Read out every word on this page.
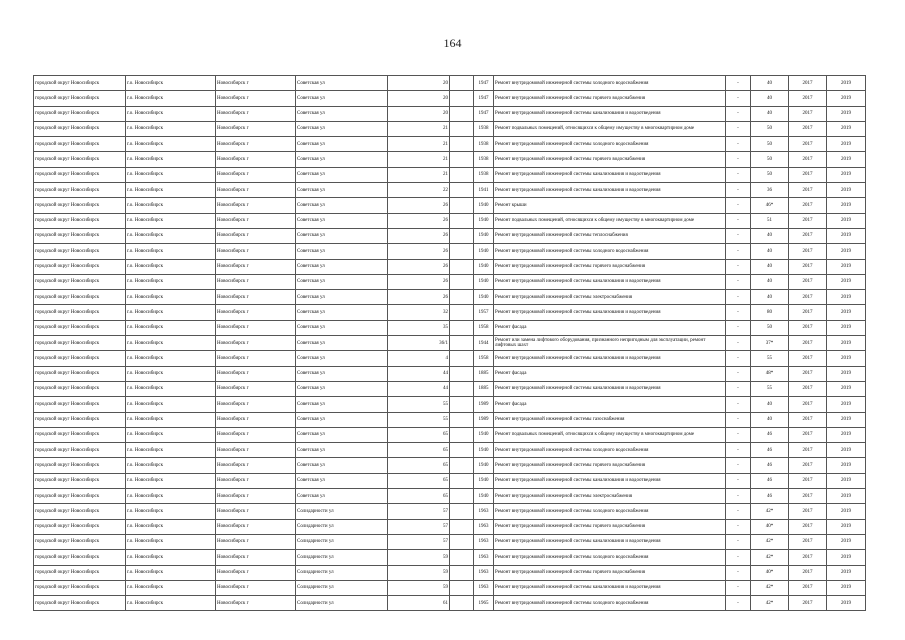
164
городской округ Новосибирск	г.о. Новосибирск	Новосибирск г	Советская ул	20		1947	Ремонт внутридомовой инженерной системы холодного водоснабжения	-	40	2017	2019
городской округ Новосибирск	г.о. Новосибирск	Новосибирск г	Советская ул	20		1947	Ремонт внутридомовой инженерной системы горячего водоснабжения	-	40	2017	2019
городской округ Новосибирск	г.о. Новосибирск	Новосибирск г	Советская ул	20		1947	Ремонт внутридомовой инженерной системы канализования и водоотведения	-	40	2017	2019
городской округ Новосибирск	г.о. Новосибирск	Новосибирск г	Советская ул	21		1938	Ремонт подвальных помещений, относящихся к общему имуществу в многоквартирном доме	-	50	2017	2019
городской округ Новосибирск	г.о. Новосибирск	Новосибирск г	Советская ул	21		1938	Ремонт внутридомовой инженерной системы холодного водоснабжения	-	50	2017	2019
городской округ Новосибирск	г.о. Новосибирск	Новосибирск г	Советская ул	21		1938	Ремонт внутридомовой инженерной системы горячего водоснабжения	-	50	2017	2019
городской округ Новосибирск	г.о. Новосибирск	Новосибирск г	Советская ул	21		1938	Ремонт внутридомовой инженерной системы канализования и водоотведения	-	50	2017	2019
городской округ Новосибирск	г.о. Новосибирск	Новосибирск г	Советская ул	22		1941	Ремонт внутридомовой инженерной системы канализования и водоотведения	-	36	2017	2019
городской округ Новосибирск	г.о. Новосибирск	Новосибирск г	Советская ул	26		1940	Ремонт крыши	-	46*	2017	2019
городской округ Новосибирск	г.о. Новосибирск	Новосибирск г	Советская ул	26		1940	Ремонт подвальных помещений, относящихся к общему имуществу в многоквартирном доме	-	51	2017	2019
городской округ Новосибирск	г.о. Новосибирск	Новосибирск г	Советская ул	26		1940	Ремонт внутридомовой инженерной системы теплоснабжения	-	40	2017	2019
городской округ Новосибирск	г.о. Новосибирск	Новосибирск г	Советская ул	26		1940	Ремонт внутридомовой инженерной системы холодного водоснабжения	-	40	2017	2019
городской округ Новосибирск	г.о. Новосибирск	Новосибирск г	Советская ул	26		1940	Ремонт внутридомовой инженерной системы горячего водоснабжения	-	40	2017	2019
городской округ Новосибирск	г.о. Новосибирск	Новосибирск г	Советская ул	26		1940	Ремонт внутридомовой инженерной системы канализования и водоотведения	-	40	2017	2019
городской округ Новосибирск	г.о. Новосибирск	Новосибирск г	Советская ул	26		1940	Ремонт внутридомовой инженерной системы электроснабжения	-	40	2017	2019
городской округ Новосибирск	г.о. Новосибирск	Новосибирск г	Советская ул	32		1957	Ремонт внутридомовой инженерной системы канализования и водоотведения	-	80	2017	2019
городской округ Новосибирск	г.о. Новосибирск	Новосибирск г	Советская ул	35		1958	Ремонт фасада	-	50	2017	2019
городской округ Новосибирск	г.о. Новосибирск	Новосибирск г	Советская ул	36/1		1944	Ремонт или замена лифтового оборудования, признанного непригодным для эксплуатации, ремонт лифтовых шахт	-	37*	2017	2019
городской округ Новосибирск	г.о. Новосибирск	Новосибирск г	Советская ул	4		1958	Ремонт внутридомовой инженерной системы канализования и водоотведения	-	55	2017	2019
городской округ Новосибирск	г.о. Новосибирск	Новосибирск г	Советская ул	44		1885	Ремонт фасада	-	48*	2017	2019
городской округ Новосибирск	г.о. Новосибирск	Новосибирск г	Советская ул	44		1885	Ремонт внутридомовой инженерной системы канализования и водоотведения	-	55	2017	2019
городской округ Новосибирск	г.о. Новосибирск	Новосибирск г	Советская ул	55		1989	Ремонт фасада	-	40	2017	2019
городской округ Новосибирск	г.о. Новосибирск	Новосибирск г	Советская ул	55		1989	Ремонт внутридомовой инженерной системы газоснабжения	-	40	2017	2019
городской округ Новосибирск	г.о. Новосибирск	Новосибирск г	Советская ул	65		1940	Ремонт подвальных помещений, относящихся к общему имуществу в многоквартирном доме	-	46	2017	2019
городской округ Новосибирск	г.о. Новосибирск	Новосибирск г	Советская ул	65		1940	Ремонт внутридомовой инженерной системы холодного водоснабжения	-	46	2017	2019
городской округ Новосибирск	г.о. Новосибирск	Новосибирск г	Советская ул	65		1940	Ремонт внутридомовой инженерной системы горячего водоснабжения	-	46	2017	2019
городской округ Новосибирск	г.о. Новосибирск	Новосибирск г	Советская ул	65		1940	Ремонт внутридомовой инженерной системы канализования и водоотведения	-	46	2017	2019
городской округ Новосибирск	г.о. Новосибирск	Новосибирск г	Советская ул	65		1940	Ремонт внутридомовой инженерной системы электроснабжения	-	46	2017	2019
городской округ Новосибирск	г.о. Новосибирск	Новосибирск г	Солидарности ул	57		1963	Ремонт внутридомовой инженерной системы холодного водоснабжения	-	42*	2017	2019
городской округ Новосибирск	г.о. Новосибирск	Новосибирск г	Солидарности ул	57		1963	Ремонт внутридомовой инженерной системы горячего водоснабжения	-	40*	2017	2019
городской округ Новосибирск	г.о. Новосибирск	Новосибирск г	Солидарности ул	57		1963	Ремонт внутридомовой инженерной системы канализования и водоотведения	-	42*	2017	2019
городской округ Новосибирск	г.о. Новосибирск	Новосибирск г	Солидарности ул	59		1963	Ремонт внутридомовой инженерной системы холодного водоснабжения	-	42*	2017	2019
городской округ Новосибирск	г.о. Новосибирск	Новосибирск г	Солидарности ул	59		1963	Ремонт внутридомовой инженерной системы горячего водоснабжения	-	40*	2017	2019
городской округ Новосибирск	г.о. Новосибирск	Новосибирск г	Солидарности ул	59		1963	Ремонт внутридомовой инженерной системы канализования и водоотведения	-	42*	2017	2019
городской округ Новосибирск	г.о. Новосибирск	Новосибирск г	Солидарности ул	61		1965	Ремонт внутридомовой инженерной системы холодного водоснабжения	-	42*	2017	2019
